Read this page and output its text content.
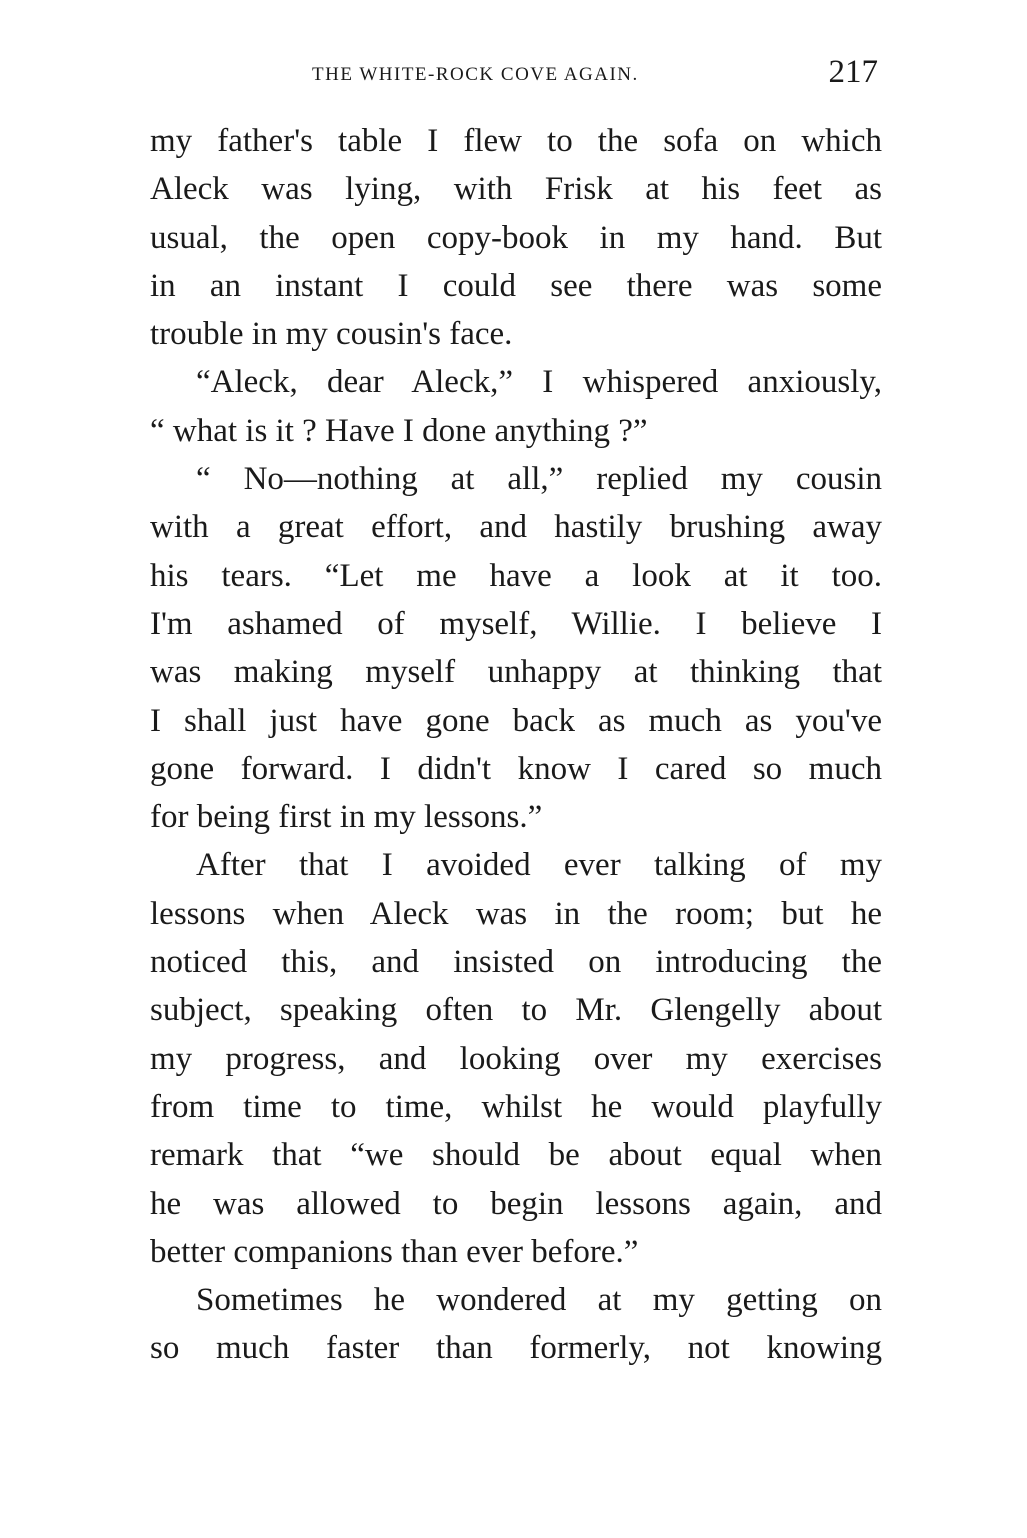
THE WHITE-ROCK COVE AGAIN.	217
my father's table I flew to the sofa on which
Aleck was lying, with Frisk at his feet as
usual, the open copy-book in my hand. But
in an instant I could see there was some
trouble in my cousin's face.
“Aleck, dear Aleck,” I whispered anxiously,
“ what is it ? Have I done anything ?”
“ No—nothing at all,” replied my cousin
with a great effort, and hastily brushing away
his tears. “Let me have a look at it too.
I'm ashamed of myself, Willie. I believe I
was making myself unhappy at thinking that
I shall just have gone back as much as you've
gone forward. I didn't know I cared so much
for being first in my lessons.”
After that I avoided ever talking of my
lessons when Aleck was in the room; but he
noticed this, and insisted on introducing the
subject, speaking often to Mr. Glengelly about
my progress, and looking over my exercises
from time to time, whilst he would playfully
remark that “we should be about equal when
he was allowed to begin lessons again, and
better companions than ever before.”
Sometimes he wondered at my getting on
so much faster than formerly, not knowing
